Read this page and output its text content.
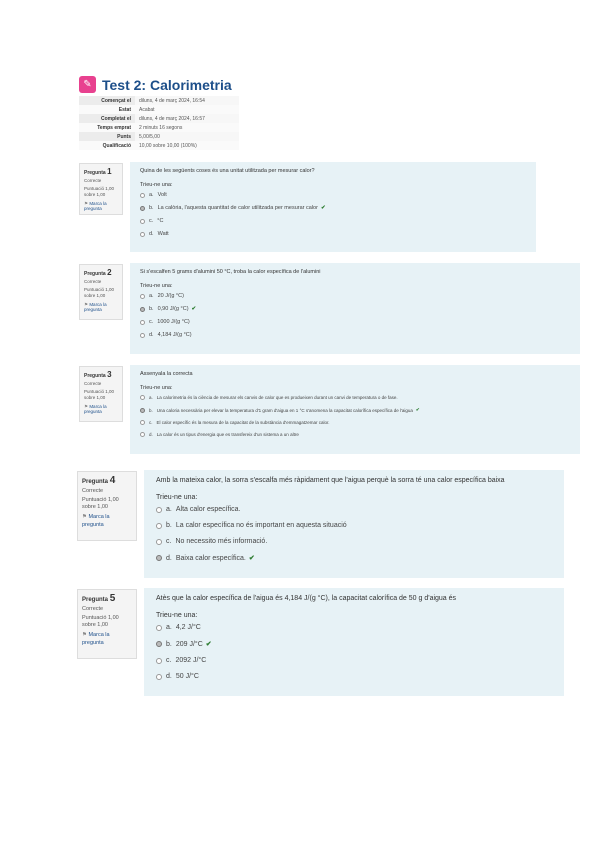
✎ Test 2: Calorimetria
Començat el	diluns, 4 de març 2024, 16:54
Estat	Acabat
Completat el	diluns, 4 de març 2024, 16:57
Temps emprat	2 minuts 16 segons
Punts	5,00/5,00
Qualificació	10,00 sobre 10,00 (100%)
Pregunta 1
Correcte
Puntuació 1,00 sobre 1,00
⚑ Marca la pregunta
Quina de les següents coses és una unitat utilitzada per mesurar calor?
Trieu-ne una:
a. Volt
b. La calòria, l'aquesta quantitat de calor utilitzada per mesurar calor ✔
c. °C
d. Watt
Pregunta 2
Correcte
Puntuació 1,00 sobre 1,00
⚑ Marca la pregunta
Si s'escalfen 5 grams d'alumini 50 °C, troba la calor específica de l'alumini
Trieu-ne una:
a. 20 J/(g °C)
b. 0,90 J/(g °C) ✔
c. 1000 J/(g °C)
d. 4,184 J/(g °C)
Pregunta 3
Correcte
Puntuació 1,00 sobre 1,00
⚑ Marca la pregunta
Assenyala la correcta
Trieu-ne una:
a. La calorimetria és la ciència de mesurar els canvis de calor que es produeixen durant un canvi de temperatura o de fase.
b. Una caloria necessària per elevar la temperatura d'1 gram d'aigua en 1 °C s'anomena la capacitat calorífica específica de l'aigua ✔
c. El calor específic és la mesura de la capacitat de la substància d'emmagatzemar calor.
d. La calor és un tipus d'energia que es transfereix d'un sistema a un altre
Pregunta 4
Correcte
Puntuació 1,00 sobre 1,00
⚑ Marca la pregunta
Amb la mateixa calor, la sorra s'escalfa més ràpidament que l'aigua perquè la sorra té una calor específica baixa
Trieu-ne una:
a. Alta calor específica.
b. La calor específica no és important en aquesta situació
c. No necessito més informació.
d. Baixa calor específica. ✔
Pregunta 5
Correcte
Puntuació 1,00 sobre 1,00
⚑ Marca la pregunta
Atès que la calor específica de l'aigua és 4,184 J/(g °C), la capacitat calorífica de 50 g d'aigua és
Trieu-ne una:
a. 4,2 J/°C
b. 209 J/°C ✔
c. 2092 J/°C
d. 50 J/°C
